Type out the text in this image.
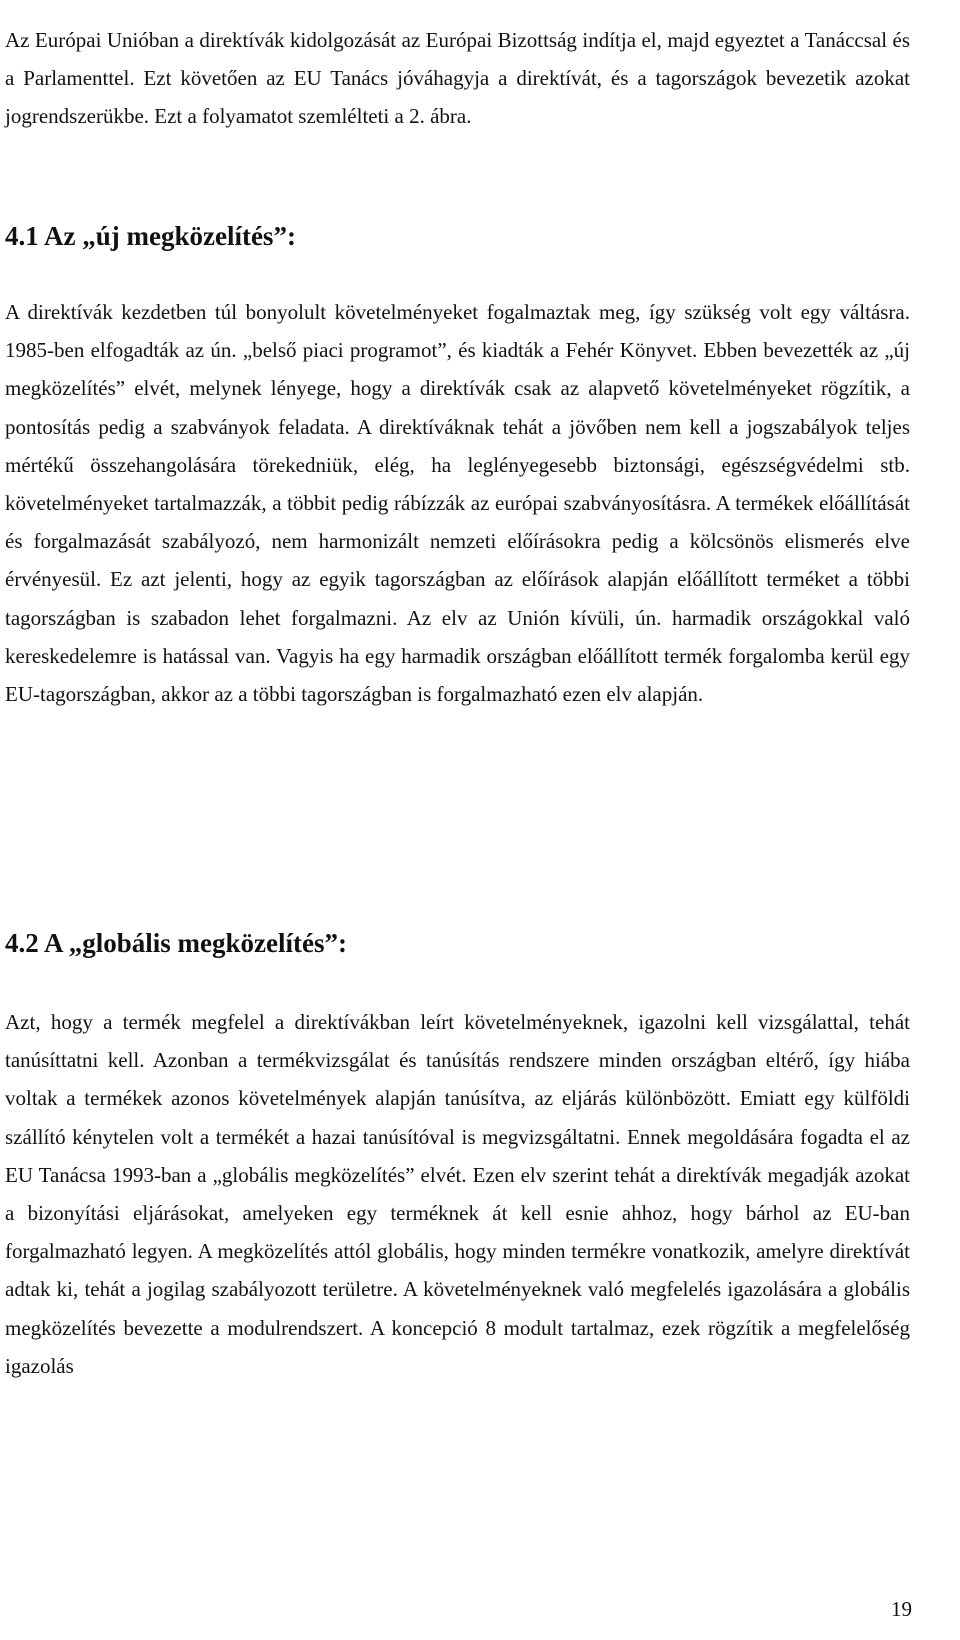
Az Európai Unióban a direktívák kidolgozását az Európai Bizottság indítja el, majd egyeztet a Tanáccsal és a Parlamenttel. Ezt követően az EU Tanács jóváhagyja a direktívát, és a tagországok bevezetik azokat jogrendszerükbe. Ezt a folyamatot szemlélteti a 2. ábra.

4.1 Az „új megközelítés”:

A direktívák kezdetben túl bonyolult követelményeket fogalmaztak meg, így szükség volt egy váltásra. 1985-ben elfogadták az ún. „belső piaci programot”, és kiadták a Fehér Könyvet. Ebben bevezették az „új megközelítés” elvét, melynek lényege, hogy a direktívák csak az alapvető követelményeket rögzítik, a pontosítás pedig a szabványok feladata. A direktíváknak tehát a jövőben nem kell a jogszabályok teljes mértékű összehangolására törekedniük, elég, ha leglényegesebb biztonsági, egészségvédelmi stb. követelményeket tartalmazzák, a többit pedig rábízzák az európai szabványosításra. A termékek előállítását és forgalmazását szabályozó, nem harmonizált nemzeti előírásokra pedig a kölcsönös elismerés elve érvényesül. Ez azt jelenti, hogy az egyik tagországban az előírások alapján előállított terméket a többi tagországban is szabadon lehet forgalmazni. Az elv az Unión kívüli, ún. harmadik országokkal való kereskedelemre is hatással van. Vagyis ha egy harmadik országban előállított termék forgalomba kerül egy EU-tagországban, akkor az a többi tagországban is forgalmazható ezen elv alapján.

4.2 A „globális megközelítés”:

Azt, hogy a termék megfelel a direktívákban leírt követelményeknek, igazolni kell vizsgálattal, tehát tanúsíttatni kell. Azonban a termékvizsgálat és tanúsítás rendszere minden országban eltérő, így hiába voltak a termékek azonos követelmények alapján tanúsítva, az eljárás különbözött. Emiatt egy külföldi szállító kénytelen volt a termékét a hazai tanúsítóval is megvizsgáltatni. Ennek megoldására fogadta el az EU Tanácsa 1993-ban a „globális megközelítés” elvét. Ezen elv szerint tehát a direktívák megadják azokat a bizonyítási eljárásokat, amelyeken egy terméknek át kell esnie ahhoz, hogy bárhol az EU-ban forgalmazható legyen. A megközelítés attól globális, hogy minden termékre vonatkozik, amelyre direktívát adtak ki, tehát a jogilag szabályozott területre. A követelményeknek való megfelelés igazolására a globális megközelítés bevezette a modulrendszert. A koncepció 8 modult tartalmaz, ezek rögzítik a megfelelőség igazolás

19
